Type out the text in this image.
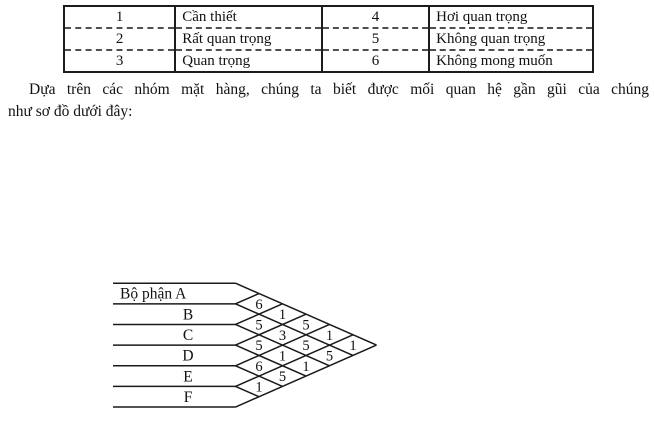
1	Cần thiết	4	Hơi quan trọng
2	Rất quan trọng	5	Không quan trọng
3	Quan trọng	6	Không mong muốn
Dựa trên các nhóm mặt hàng, chúng ta biết được mối quan hệ gần gũi của chúng
như sơ đồ dưới đây:
Bộ phận A
B
C
D
E
F
6
1
5
1
1
5
3
5
5
5
1
1
6
5
1
